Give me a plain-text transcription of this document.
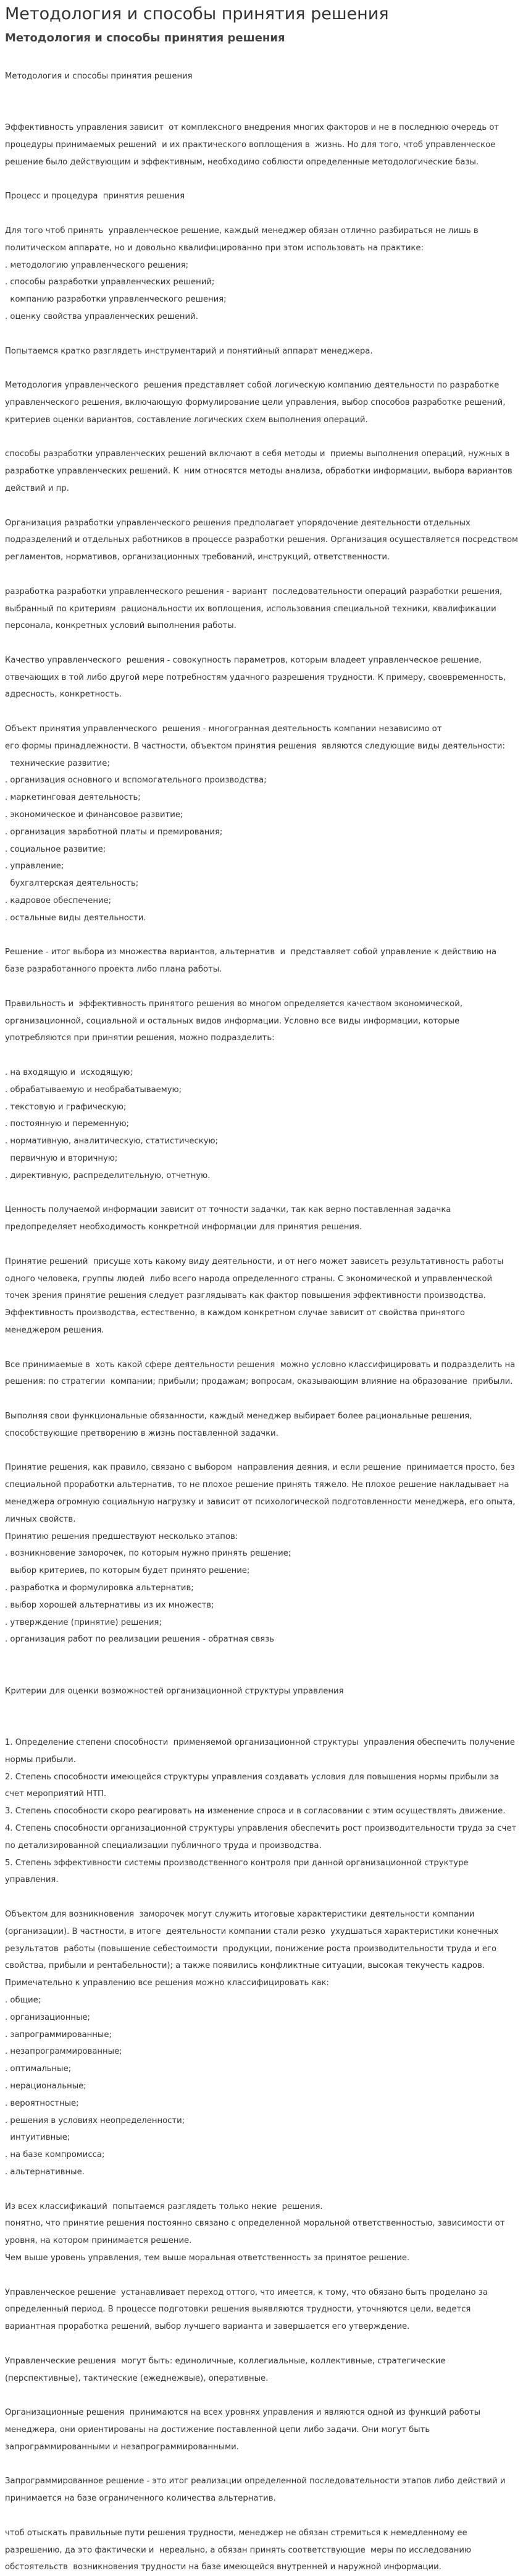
Методология и способы принятия решения
Методология и способы принятия решения

Методология и способы принятия решения

Эффективность управления зависит  от комплексного внедрения многих факторов и не в последнюю очередь от процедуры принимаемых решений  и их практического воплощения в  жизнь. Но для того, чтоб управленческое решение было действующим и эффективным, необходимо соблюсти определенные методологические базы.

Процесс и процедура  принятия решения

Для того чтоб принять  управленческое решение, каждый менеджер обязан отлично разбираться не лишь в политическом аппарате, но и довольно квалифицированно при этом использовать на практике:
. методологию управленческого решения;
. способы разработки управленческих решений;
компанию разработки управленческого решения;
. оценку свойства управленческих решений.

Попытаемся кратко разглядеть инструментарий и понятийный аппарат менеджера.

Методология управленческого  решения представляет собой логическую компанию деятельности по разработке управленческого решения, включающую формулирование цели управления, выбор способов разработке решений, критериев оценки вариантов, составление логических схем выполнения операций.

способы разработки управленческих решений включают в себя методы и  приемы выполнения операций, нужных в разработке управленческих решений. К  ним относятся методы анализа, обработки информации, выбора вариантов действий и пр.

Организация разработки управленческого решения предполагает упорядочение деятельности отдельных подразделений и отдельных работников в процессе разработки решения. Организация осуществляется посредством регламентов, нормативов, организационных требований, инструкций, ответственности.

разработка разработки управленческого решения - вариант  последовательности операций разработки решения, выбранный по критериям  рациональности их воплощения, использования специальной техники, квалификации персонала, конкретных условий выполнения работы.

Качество управленческого  решения - совокупность параметров, которым владеет управленческое решение, отвечающих в той либо другой мере потребностям удачного разрешения трудности. К примеру, своевременность, адресность, конкретность.

Объект принятия управленческого  решения - многогранная деятельность компании независимо от
его формы принадлежности. В частности, объектом принятия решения  являются следующие виды деятельности:
технические развитие;
. организация основного и вспомогательного производства;
. маркетинговая деятельность;
. экономическое и финансовое развитие;
. организация заработной платы и премирования;
. социальное развитие;
. управление;
бухгалтерская деятельность;
. кадровое обеспечение;
. остальные виды деятельности.

Решение - итог выбора из множества вариантов, альтернатив  и  представляет собой управление к действию на базе разработанного проекта либо плана работы.

Правильность и  эффективность принятого решения во многом определяется качеством экономической, организационной, социальной и остальных видов информации. Условно все виды информации, которые употребляются при принятии решения, можно подразделить:

. на входящую и  исходящую;
. обрабатываемую и необрабатываемую;
. текстовую и графическую;
. постоянную и переменную;
. нормативную, аналитическую, статистическую;
первичную и вторичную;
. директивную, распределительную, отчетную.

Ценность получаемой информации зависит от точности задачки, так как верно поставленная задачка предопределяет необходимость конкретной информации для принятия решения.

Принятие решений  присуще хоть какому виду деятельности, и от него может зависеть результативность работы одного человека, группы людей  либо всего народа определенного страны. С экономической и управленческой точек зрения принятие решения следует разглядывать как фактор повышения эффективности производства. Эффективность производства, естественно, в каждом конкретном случае зависит от свойства принятого менеджером решения.

Все принимаемые в  хоть какой сфере деятельности решения  можно условно классифицировать и подразделить на решения: по стратегии  компании; прибыли; продажам; вопросам, оказывающим влияние на образование  прибыли.

Выполняя свои функциональные обязанности, каждый менеджер выбирает более рациональные решения, способствующие претворению в жизнь поставленной задачки.

Принятие решения, как правило, связано с выбором  направления деяния, и если решение  принимается просто, без специальной проработки альтернатив, то не плохое решение принять тяжело. Не плохое решение накладывает на менеджера огромную социальную нагрузку и зависит от психологической подготовленности менеджера, его опыта, личных свойств.
Принятию решения предшествуют несколько этапов:
. возникновение заморочек, по которым нужно принять решение;
выбор критериев, по которым будет принято решение;
. разработка и формулировка альтернатив;
. выбор хорошей альтернативы из их множеств;
. утверждение (принятие) решения;
. организация работ по реализации решения - обратная связь

Критерии для оценки возможностей организационной структуры управления

1. Определение степени способности  применяемой организационной структуры  управления обеспечить получение нормы прибыли.
2. Степень способности имеющейся структуры управления создавать условия для повышения нормы прибыли за счет мероприятий НТП.
3. Степень способности скоро реагировать на изменение спроса и в согласовании с этим осуществлять движение.
4. Степень способности организационной структуры управления обеспечить рост производительности труда за счет по детализированной специализации публичного труда и производства.
5. Степень эффективности системы производственного контроля при данной организационной структуре управления.

Объектом для возникновения  заморочек могут служить итоговые характеристики деятельности компании (организации). В частности, в итоге  деятельности компании стали резко  ухудшаться характеристики конечных результатов  работы (повышение себестоимости  продукции, понижение роста производительности труда и его свойства, прибыли и рентабельности); а также появились конфликтные ситуации, высокая текучесть кадров.
Примечательно к управлению все решения можно классифицировать как:
. общие;
. организационные;
. запрограммированные;
. незапрограммированные;
. оптимальные;
. нерациональные;
. вероятностные;
. решения в условиях неопределенности;
интуитивные;
. на базе компромисса;
. альтернативные.

Из всех классификаций  попытаемся разглядеть только некие  решения.
понятно, что принятие решения постоянно связано с определенной моральной ответственностью, зависимости от уровня, на котором принимается решение.
Чем выше уровень управления, тем выше моральная ответственность за принятое решение.

Управленческое решение  устанавливает переход оттого, что имеется, к тому, что обязано быть проделано за определенный период. В процессе подготовки решения выявляются трудности, уточняются цели, ведется вариантная проработка решений, выбор лучшего варианта и завершается его утверждение.

Управленческие решения  могут быть: единоличные, коллегиальные, коллективные, стратегические (перспективные), тактические (ежеднежвые), оперативные.

Организационные решения  принимаются на всех уровнях управления и являются одной из функций работы менеджера, они ориентированы на достижение поставленной цепи либо задачи. Они могут быть запрограммированными и незапрограммированными.

Запрограммированное решение - это итог реализации определенной последовательности этапов либо действий и принимается на базе ограниченного количества альтернатив.

чтоб отыскать правильные пути решения трудности, менеджер не обязан стремиться к немедленному ее разрешению, да это фактически и  нереально, а обязан принять соответствующие  меры по исследованию обстоятельств  возникновения трудности на базе имеющейся внутренней и наружной информации.
